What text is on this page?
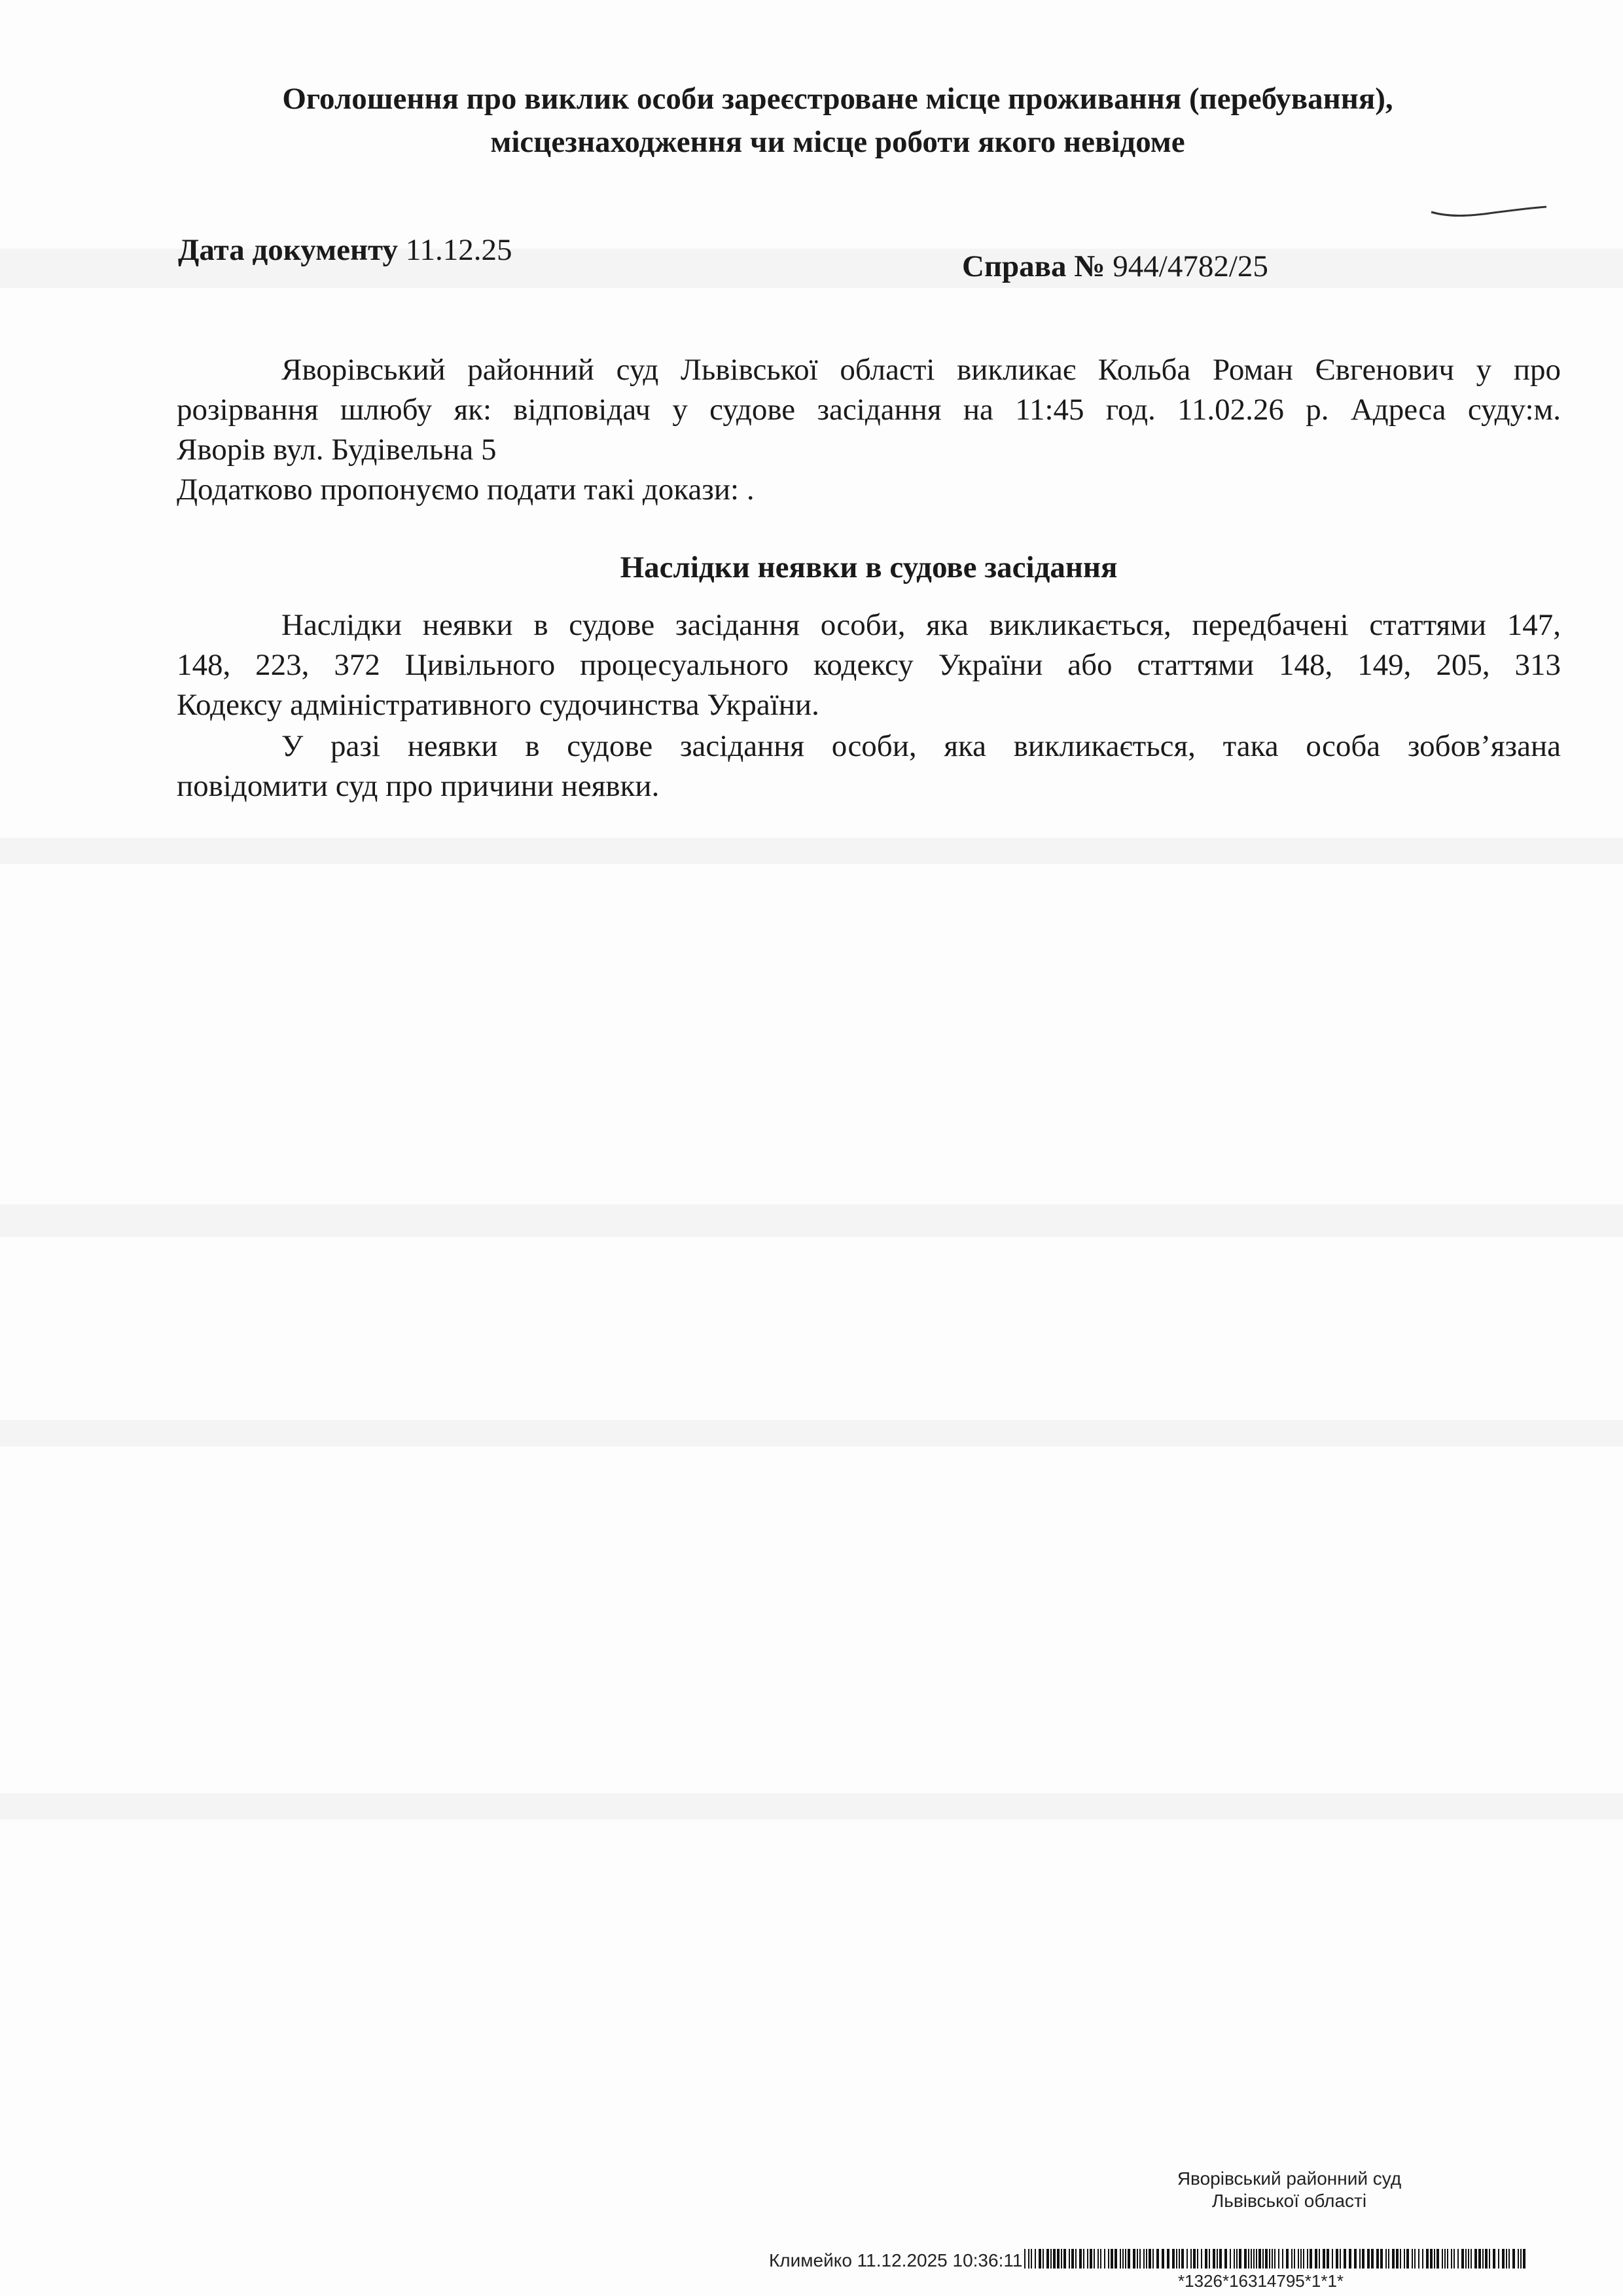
Оголошення про виклик особи зареєстроване місце проживання (перебування),
місцезнаходження чи місце роботи якого невідоме
Дата документу 11.12.25	Справа № 944/4782/25
Яворівський районний суд Львівської області викликає Кольба Роман Євгенович у про
розірвання шлюбу як: відповідач у судове засідання на 11:45 год. 11.02.26 р. Адреса суду:м.
Яворів вул. Будівельна 5
Додатково пропонуємо подати такі докази: .
Наслідки неявки в судове засідання
Наслідки неявки в судове засідання особи, яка викликається, передбачені статтями 147,
148, 223, 372 Цивільного процесуального кодексу України або статтями 148, 149, 205, 313
Кодексу адміністративного судочинства України.
У разі неявки в судове засідання особи, яка викликається, така особа зобов’язана
повідомити суд про причини неявки.
Яворівський районний суд
Львівської області
Климейко 11.12.2025 10:36:11
*1326*16314795*1*1*
